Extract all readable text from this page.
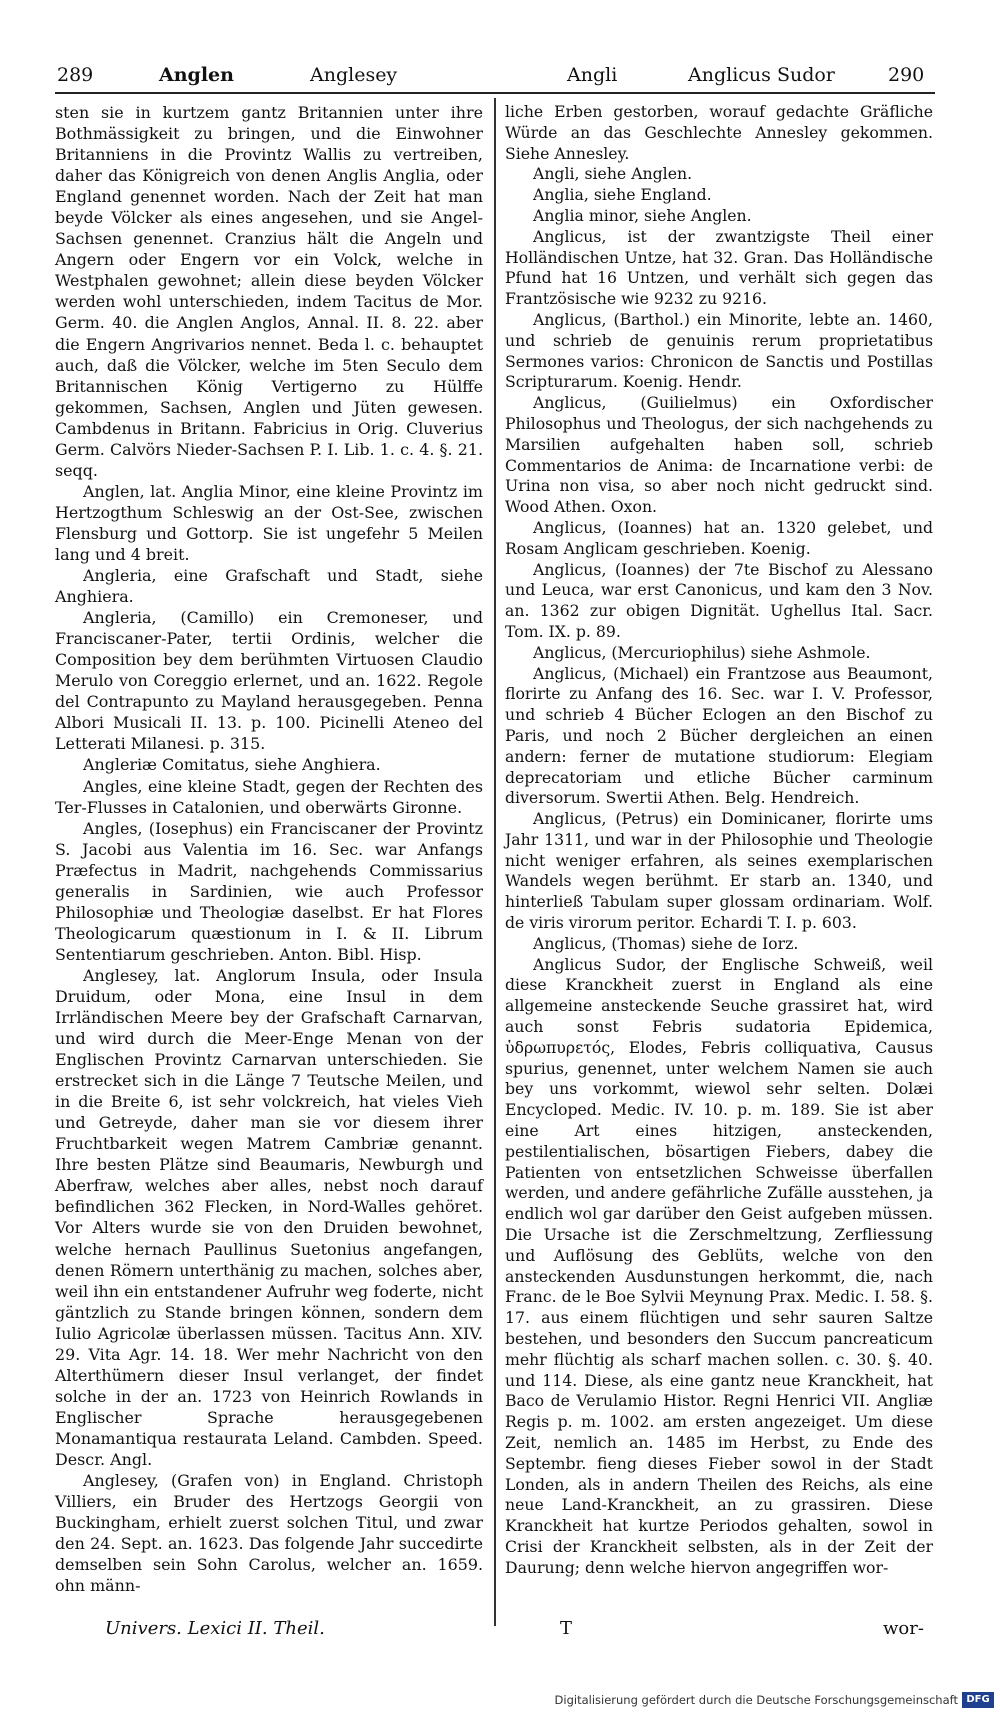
289	Anglen	Anglesey	Angli	Anglicus Sudor	290

sten sie in kurtzem gantz Britannien unter ihre Bothmässigkeit zu bringen, und die Einwohner Britanniens in die Provintz Wallis zu vertreiben, daher das Königreich von denen Anglis Anglia, oder England genennet worden. Nach der Zeit hat man beyde Völcker als eines angesehen, und sie Angel-Sachsen genennet. Cranzius hält die Angeln und Angern oder Engern vor ein Volck, welche in Westphalen gewohnet; allein diese beyden Völcker werden wohl unterschieden, indem Tacitus de Mor. Germ. 40. die Anglen Anglos, Annal. II. 8. 22. aber die Engern Angrivarios nennet. Beda l. c. behauptet auch, daß die Völcker, welche im 5ten Seculo dem Britannischen König Vertigerno zu Hülffe gekommen, Sachsen, Anglen und Jüten gewesen. Cambdenus in Britann. Fabricius in Orig. Cluverius Germ. Calvörs Nieder-Sachsen P. I. Lib. 1. c. 4. §. 21. seqq.

Anglen, lat. Anglia Minor, eine kleine Provintz im Hertzogthum Schleswig an der Ost-See, zwischen Flensburg und Gottorp. Sie ist ungefehr 5 Meilen lang und 4 breit.

Angleria, eine Grafschaft und Stadt, siehe Anghiera.

Angleria, (Camillo) ein Cremoneser, und Franciscaner-Pater, tertii Ordinis, welcher die Composition bey dem berühmten Virtuosen Claudio Merulo von Coreggio erlernet, und an. 1622. Regole del Contrapunto zu Mayland herausgegeben. Penna Albori Musicali II. 13. p. 100. Picinelli Ateneo del Letterati Milanesi. p. 315.

Angleriæ Comitatus, siehe Anghiera.

Angles, eine kleine Stadt, gegen der Rechten des Ter-Flusses in Catalonien, und oberwärts Gironne.

Angles, (Iosephus) ein Franciscaner der Provintz S. Jacobi aus Valentia im 16. Sec. war Anfangs Præfectus in Madrit, nachgehends Commissarius generalis in Sardinien, wie auch Professor Philosophiæ und Theologiæ daselbst. Er hat Flores Theologicarum quæstionum in I. & II. Librum Sententiarum geschrieben. Anton. Bibl. Hisp.

Anglesey, lat. Anglorum Insula, oder Insula Druidum, oder Mona, eine Insul in dem Irrländischen Meere bey der Grafschaft Carnarvan, und wird durch die Meer-Enge Menan von der Englischen Provintz Carnarvan unterschieden. Sie erstrecket sich in die Länge 7 Teutsche Meilen, und in die Breite 6, ist sehr volckreich, hat vieles Vieh und Getreyde, daher man sie vor diesem ihrer Fruchtbarkeit wegen Matrem Cambriæ genannt. Ihre besten Plätze sind Beaumaris, Newburgh und Aberfraw, welches aber alles, nebst noch darauf befindlichen 362 Flecken, in Nord-Walles gehöret. Vor Alters wurde sie von den Druiden bewohnet, welche hernach Paullinus Suetonius angefangen, denen Römern unterthänig zu machen, solches aber, weil ihn ein entstandener Aufruhr weg foderte, nicht gäntzlich zu Stande bringen können, sondern dem Iulio Agricolæ überlassen müssen. Tacitus Ann. XIV. 29. Vita Agr. 14. 18. Wer mehr Nachricht von den Alterthümern dieser Insul verlanget, der findet solche in der an. 1723 von Heinrich Rowlands in Englischer Sprache herausgegebenen Monamantiqua restaurata Leland. Cambden. Speed. Descr. Angl.

Anglesey, (Grafen von) in England. Christoph Villiers, ein Bruder des Hertzogs Georgii von Buckingham, erhielt zuerst solchen Titul, und zwar den 24. Sept. an. 1623. Das folgende Jahr succedirte demselben sein Sohn Carolus, welcher an. 1659. ohn männ-

liche Erben gestorben, worauf gedachte Gräfliche Würde an das Geschlechte Annesley gekommen. Siehe Annesley.

Angli, siehe Anglen.

Anglia, siehe England.

Anglia minor, siehe Anglen.

Anglicus, ist der zwantzigste Theil einer Holländischen Untze, hat 32. Gran. Das Holländische Pfund hat 16 Untzen, und verhält sich gegen das Frantzösische wie 9232 zu 9216.

Anglicus, (Barthol.) ein Minorite, lebte an. 1460, und schrieb de genuinis rerum proprietatibus Sermones varios: Chronicon de Sanctis und Postillas Scripturarum. Koenig. Hendr.

Anglicus, (Guilielmus) ein Oxfordischer Philosophus und Theologus, der sich nachgehends zu Marsilien aufgehalten haben soll, schrieb Commentarios de Anima: de Incarnatione verbi: de Urina non visa, so aber noch nicht gedruckt sind. Wood Athen. Oxon.

Anglicus, (Ioannes) hat an. 1320 gelebet, und Rosam Anglicam geschrieben. Koenig.

Anglicus, (Ioannes) der 7te Bischof zu Alessano und Leuca, war erst Canonicus, und kam den 3 Nov. an. 1362 zur obigen Dignität. Ughellus Ital. Sacr. Tom. IX. p. 89.

Anglicus, (Mercuriophilus) siehe Ashmole.

Anglicus, (Michael) ein Frantzose aus Beaumont, florirte zu Anfang des 16. Sec. war I. V. Professor, und schrieb 4 Bücher Eclogen an den Bischof zu Paris, und noch 2 Bücher dergleichen an einen andern: ferner de mutatione studiorum: Elegiam deprecatoriam und etliche Bücher carminum diversorum. Swertii Athen. Belg. Hendreich.

Anglicus, (Petrus) ein Dominicaner, florirte ums Jahr 1311, und war in der Philosophie und Theologie nicht weniger erfahren, als seines exemplarischen Wandels wegen berühmt. Er starb an. 1340, und hinterließ Tabulam super glossam ordinariam. Wolf. de viris virorum peritor. Echardi T. I. p. 603.

Anglicus, (Thomas) siehe de Iorz.

Anglicus Sudor, der Englische Schweiß, weil diese Kranckheit zuerst in England als eine allgemeine ansteckende Seuche grassiret hat, wird auch sonst Febris sudatoria Epidemica, ὑδρωπυρετός, Elodes, Febris colliquativa, Causus spurius, genennet, unter welchem Namen sie auch bey uns vorkommt, wiewol sehr selten. Dolæi Encycloped. Medic. IV. 10. p. m. 189. Sie ist aber eine Art eines hitzigen, ansteckenden, pestilentialischen, bösartigen Fiebers, dabey die Patienten von entsetzlichen Schweisse überfallen werden, und andere gefährliche Zufälle ausstehen, ja endlich wol gar darüber den Geist aufgeben müssen. Die Ursache ist die Zerschmeltzung, Zerfliessung und Auflösung des Geblüts, welche von den ansteckenden Ausdunstungen herkommt, die, nach Franc. de le Boe Sylvii Meynung Prax. Medic. I. 58. §. 17. aus einem flüchtigen und sehr sauren Saltze bestehen, und besonders den Succum pancreaticum mehr flüchtig als scharf machen sollen. c. 30. §. 40. und 114. Diese, als eine gantz neue Kranckheit, hat Baco de Verulamio Histor. Regni Henrici VII. Angliæ Regis p. m. 1002. am ersten angezeiget. Um diese Zeit, nemlich an. 1485 im Herbst, zu Ende des Septembr. fieng dieses Fieber sowol in der Stadt Londen, als in andern Theilen des Reichs, als eine neue Land-Kranckheit, an zu grassiren. Diese Kranckheit hat kurtze Periodos gehalten, sowol in Crisi der Kranckheit selbsten, als in der Zeit der Daurung; denn welche hiervon angegriffen wor-

Univers. Lexici II. Theil.	T	wor-
Digitalisierung gefördert durch die Deutsche Forschungsgemeinschaft DFG
